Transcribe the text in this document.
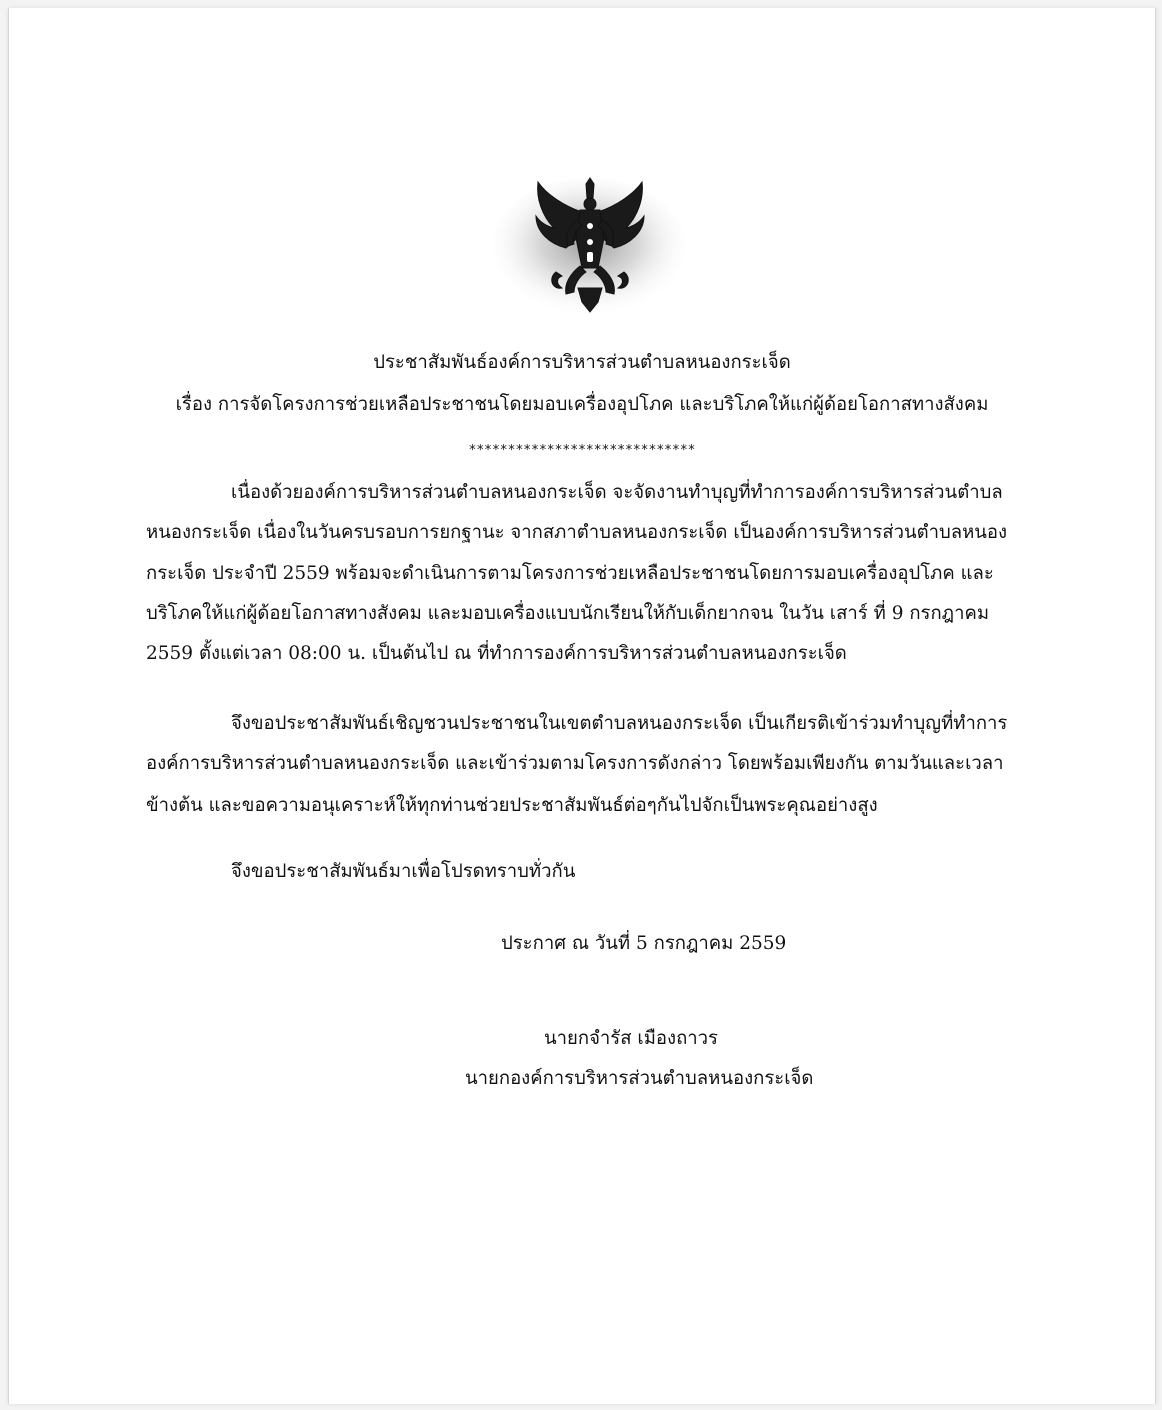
ประชาสัมพันธ์องค์การบริหารส่วนตำบลหนองกระเจ็ด
เรื่อง การจัดโครงการช่วยเหลือประชาชนโดยมอบเครื่องอุปโภค และบริโภคให้แก่ผู้ด้อยโอกาสทางสังคม
*****************************
เนื่องด้วยองค์การบริหารส่วนตำบลหนองกระเจ็ด จะจัดงานทำบุญที่ทำการองค์การบริหารส่วนตำบล
หนองกระเจ็ด เนื่องในวันครบรอบการยกฐานะ จากสภาตำบลหนองกระเจ็ด เป็นองค์การบริหารส่วนตำบลหนอง
กระเจ็ด ประจำปี 2559 พร้อมจะดำเนินการตามโครงการช่วยเหลือประชาชนโดยการมอบเครื่องอุปโภค และ
บริโภคให้แก่ผู้ด้อยโอกาสทางสังคม และมอบเครื่องแบบนักเรียนให้กับเด็กยากจน ในวัน เสาร์ ที่ 9 กรกฎาคม
2559 ตั้งแต่เวลา 08:00 น. เป็นต้นไป ณ ที่ทำการองค์การบริหารส่วนตำบลหนองกระเจ็ด
จึงขอประชาสัมพันธ์เชิญชวนประชาชนในเขตตำบลหนองกระเจ็ด เป็นเกียรติเข้าร่วมทำบุญที่ทำการ
องค์การบริหารส่วนตำบลหนองกระเจ็ด และเข้าร่วมตามโครงการดังกล่าว โดยพร้อมเพียงกัน ตามวันและเวลา
ข้างต้น และขอความอนุเคราะห์ให้ทุกท่านช่วยประชาสัมพันธ์ต่อๆกันไปจักเป็นพระคุณอย่างสูง
จึงขอประชาสัมพันธ์มาเพื่อโปรดทราบทั่วกัน
ประกาศ ณ วันที่ 5 กรกฎาคม 2559
นายกจำรัส เมืองถาวร
นายกองค์การบริหารส่วนตำบลหนองกระเจ็ด
